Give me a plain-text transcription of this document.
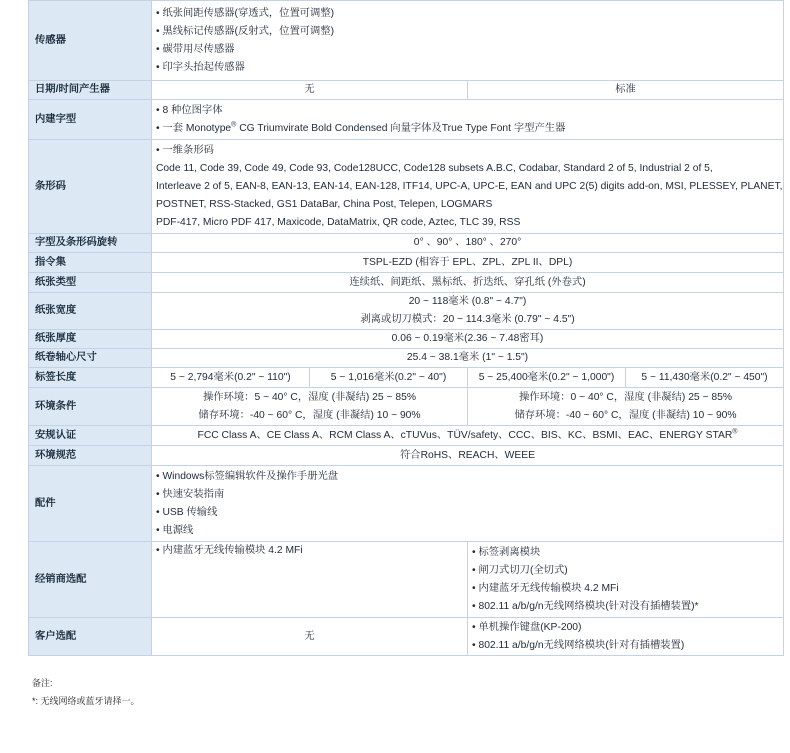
传感器	• 纸张间距传感器(穿透式，位置可调整)
• 黑线标记传感器(反射式，位置可调整)
• 碳带用尽传感器
• 印字头抬起传感器

日期/时间产生器	无		标准	
内建字型	• 8 种位图字体
• 一套 Monotype® CG Triumvirate Bold Condensed 向量字体及True Type Font 字型产生器

条形码	• 一维条形码
Code 11, Code 39, Code 49, Code 93, Code128UCC, Code128 subsets A.B.C, Codabar, Standard 2 of 5, Industrial 2 of 5,
Interleave 2 of 5, EAN-8, EAN-13, EAN-14, EAN-128, ITF14, UPC-A, UPC-E, EAN and UPC 2(5) digits add-on, MSI, PLESSEY, PLANET,
POSTNET, RSS-Stacked, GS1 DataBar, China Post, Telepen, LOGMARS
PDF-417, Micro PDF 417, Maxicode, DataMatrix, QR code, Aztec, TLC 39, RSS

字型及条形码旋转	0° 、90° 、180° 、270°			
指令集	TSPL-EZD (相容于 EPL、ZPL、ZPL II、DPL)			
纸张类型	连续纸、间距纸、黑标纸、折迭纸、穿孔纸 (外卷式)			
纸张宽度	20 ~ 118毫米 (0.8" ~ 4.7")
剥离或切刀模式：20 ~ 114.3毫米 (0.79" ~ 4.5")			

纸张厚度	0.06 ~ 0.19毫米(2.36 ~ 7.48密耳)			
纸卷轴心尺寸	25.4 ~ 38.1毫米 (1" ~ 1.5")			
标签长度	5 ~ 2,794毫米(0.2" ~ 110")	5 ~ 1,016毫米(0.2" ~ 40")	5 ~ 25,400毫米(0.2" ~ 1,000")	5 ~ 11,430毫米(0.2" ~ 450")
环境条件	操作环境：5 ~ 40° C，湿度 (非凝结) 25 ~ 85%
储存环境：-40 ~ 60° C，湿度 (非凝结) 10 ~ 90%		操作环境：0 ~ 40° C，湿度 (非凝结) 25 ~ 85%
储存环境：-40 ~ 60° C，湿度 (非凝结) 10 ~ 90%	

安规认证	FCC Class A、CE Class A、RCM Class A、cTUVus、TÜV/safety、CCC、BIS、KC、BSMI、EAC、ENERGY STAR®
环境规范	符合RoHS、REACH、WEEE			
配件	• Windows标签编辑软件及操作手册光盘
• 快速安装指南
• USB 传输线
• 电源线

经销商选配	• 内建蓝牙无线传输模块 4.2 MFi		• 标签剥离模块
• 闸刀式切刀(全切式)
• 内建蓝牙无线传输模块 4.2 MFi
• 802.11 a/b/g/n无线网络模块(针对没有插槽装置)*

客户选配	无		• 单机操作键盘(KP-200)
• 802.11 a/b/g/n无线网络模块(针对有插槽装置)
备注:
*: 无线网络或蓝牙请择一。
